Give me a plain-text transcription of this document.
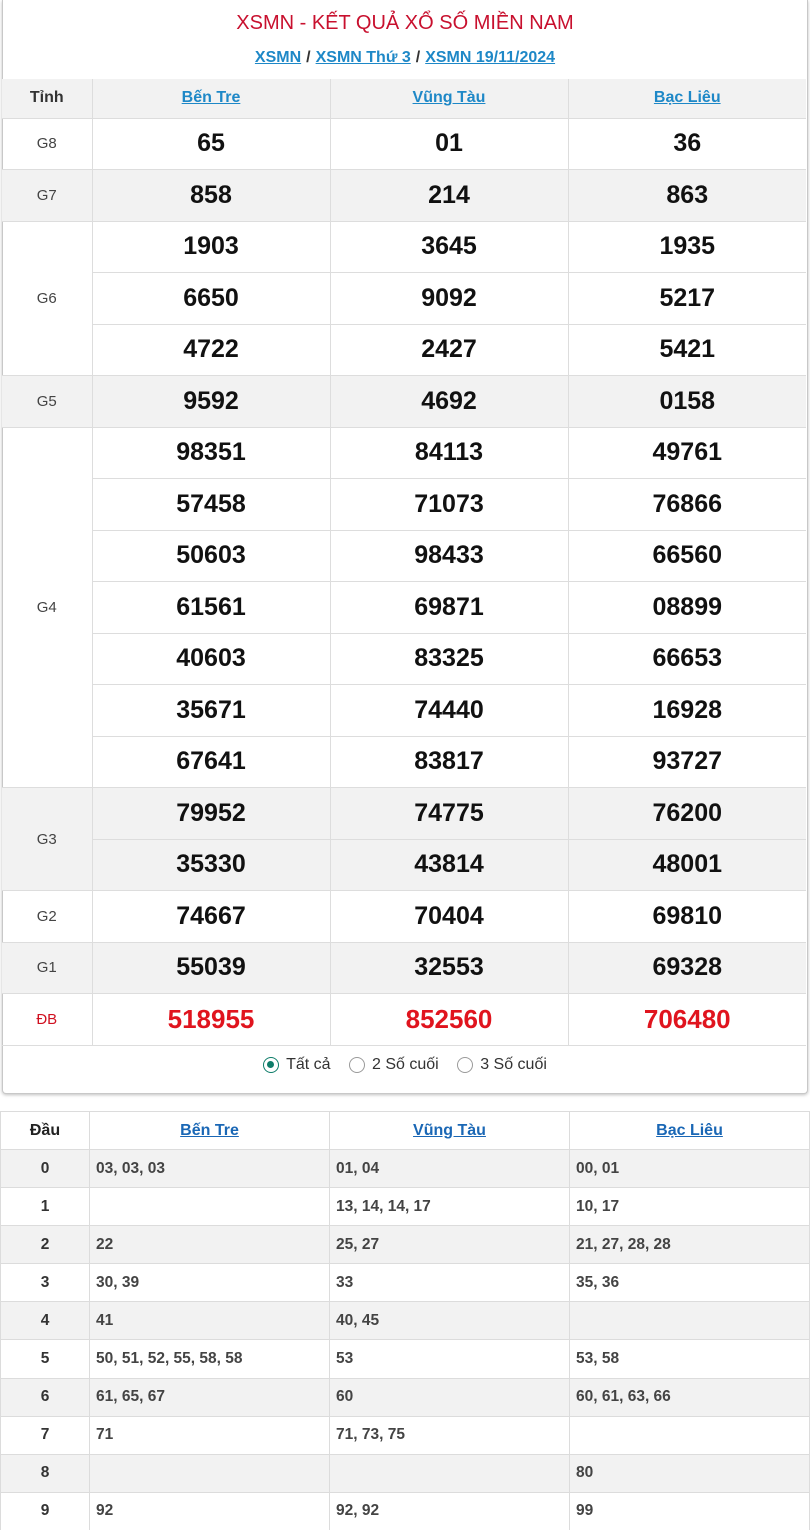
XSMN - KẾT QUẢ XỔ SỐ MIỀN NAM
XSMN / XSMN Thứ 3 / XSMN 19/11/2024
Tỉnh	Bến Tre	Vũng Tàu	Bạc Liêu
G8	65	01	36
G7	858	214	863
G6	1903	3645	1935
	6650	9092	5217
	4722	2427	5421
G5	9592	4692	0158
G4	98351	84113	49761
	57458	71073	76866
	50603	98433	66560
	61561	69871	08899
	40603	83325	66653
	35671	74440	16928
	67641	83817	93727
G3	79952	74775	76200
	35330	43814	48001
G2	74667	70404	69810
G1	55039	32553	69328
ĐB	518955	852560	706480
Tất cả
	2 Số cuối
	3 Số cuối
Đầu	Bến Tre	Vũng Tàu	Bạc Liêu
0	03, 03, 03	01, 04	00, 01
1		13, 14, 14, 17	10, 17
2	22	25, 27	21, 27, 28, 28
3	30, 39	33	35, 36
4	41	40, 45	
5	50, 51, 52, 55, 58, 58	53	53, 58
6	61, 65, 67	60	60, 61, 63, 66
7	71	71, 73, 75	
8			80
9	92	92, 92	99
